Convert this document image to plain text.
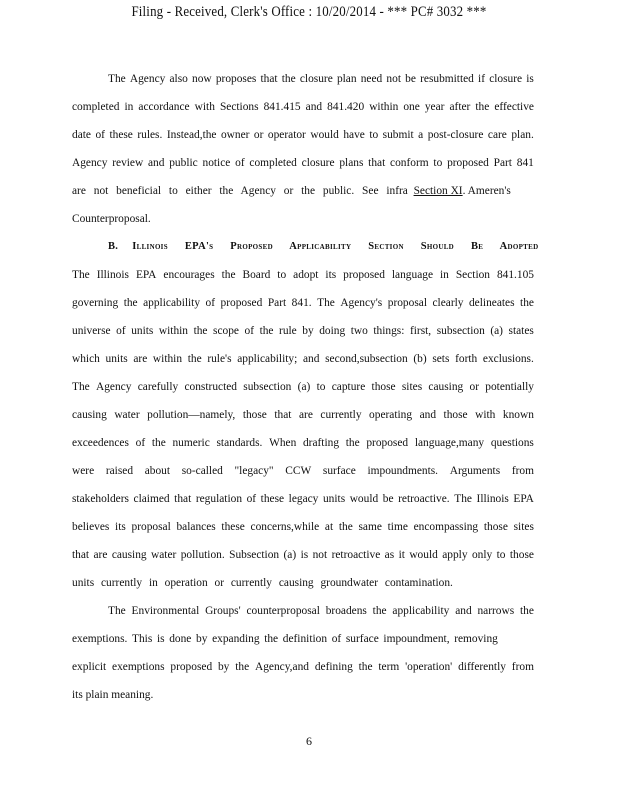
Filing - Received, Clerk's Office : 10/20/2014 - *** PC# 3032 ***
The Agency also now proposes that the closure plan need not be resubmitted if closure is
completed in accordance with Sections 841.415 and 841.420 within one year after the effective
date of these rules. Instead,the owner or operator would have to submit a post-closure care plan.
Agency review and public notice of completed closure plans that conform to proposed Part 841
are not beneficial to either the Agency or the public. See infra
Section XI . Ameren's
Counterproposal.
B. Illinois EPA's Proposed Applicability Section Should Be Adopted
The Illinois EPA encourages the Board to adopt its proposed language in Section 841.105
governing the applicability of proposed Part 841. The Agency's proposal clearly delineates the
universe of units within the scope of the rule by doing two things: first, subsection (a) states
which units are within the rule's applicability; and second,subsection (b) sets forth exclusions.
The Agency carefully constructed subsection (a) to capture those sites causing or potentially
causing water pollution—namely, those that are currently operating and those with known
exceedences of the numeric standards. When drafting the proposed language,many questions
were raised about so-called "legacy" CCW surface impoundments. Arguments from
stakeholders claimed that regulation of these legacy units would be retroactive. The Illinois EPA
believes its proposal balances these concerns,while at the same time encompassing those sites
that are causing water pollution. Subsection (a) is not retroactive as it would apply only to those
units currently in operation or currently causing groundwater contamination.
The Environmental Groups' counterproposal broadens the applicability and narrows the
exemptions. This is done by expanding the definition of surface impoundment, removing
explicit exemptions proposed by the Agency,and defining the term 'operation' differently from
its plain meaning.
6
